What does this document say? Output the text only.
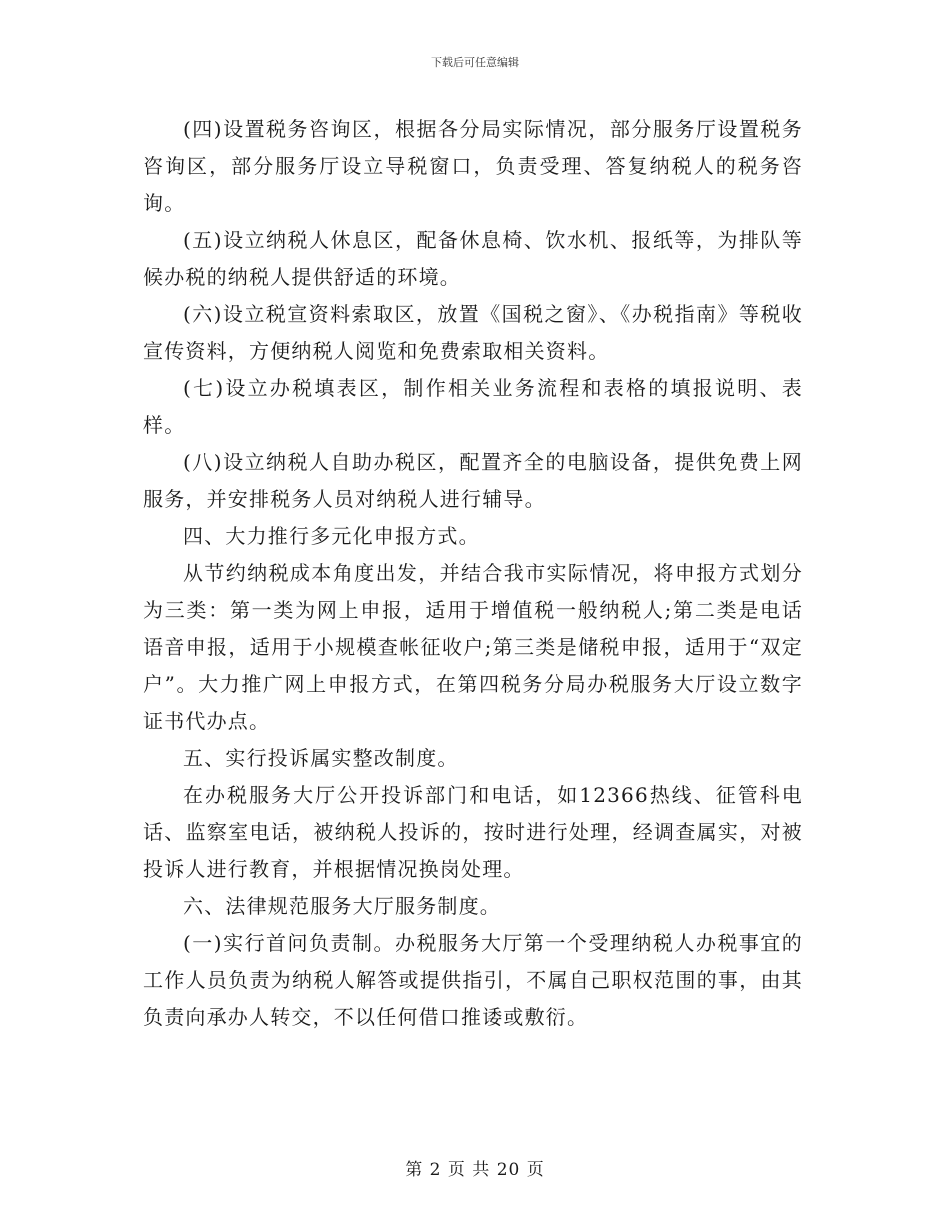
下载后可任意编辑

(四)设置税务咨询区，根据各分局实际情况，部分服务厅设置税务咨询区，部分服务厅设立导税窗口，负责受理、答复纳税人的税务咨询。

(五)设立纳税人休息区，配备休息椅、饮水机、报纸等，为排队等候办税的纳税人提供舒适的环境。

(六)设立税宣资料索取区，放置《国税之窗》、《办税指南》等税收宣传资料，方便纳税人阅览和免费索取相关资料。

(七)设立办税填表区，制作相关业务流程和表格的填报说明、表样。

(八)设立纳税人自助办税区，配置齐全的电脑设备，提供免费上网服务，并安排税务人员对纳税人进行辅导。

四、大力推行多元化申报方式。

从节约纳税成本角度出发，并结合我市实际情况，将申报方式划分为三类：第一类为网上申报，适用于增值税一般纳税人;第二类是电话语音申报，适用于小规模查帐征收户;第三类是储税申报，适用于“双定户”。大力推广网上申报方式，在第四税务分局办税服务大厅设立数字证书代办点。

五、实行投诉属实整改制度。

在办税服务大厅公开投诉部门和电话，如12366热线、征管科电话、监察室电话，被纳税人投诉的，按时进行处理，经调查属实，对被投诉人进行教育，并根据情况换岗处理。

六、法律规范服务大厅服务制度。

(一)实行首问负责制。办税服务大厅第一个受理纳税人办税事宜的工作人员负责为纳税人解答或提供指引，不属自己职权范围的事，由其负责向承办人转交，不以任何借口推诿或敷衍。

第 2 页 共 20 页
